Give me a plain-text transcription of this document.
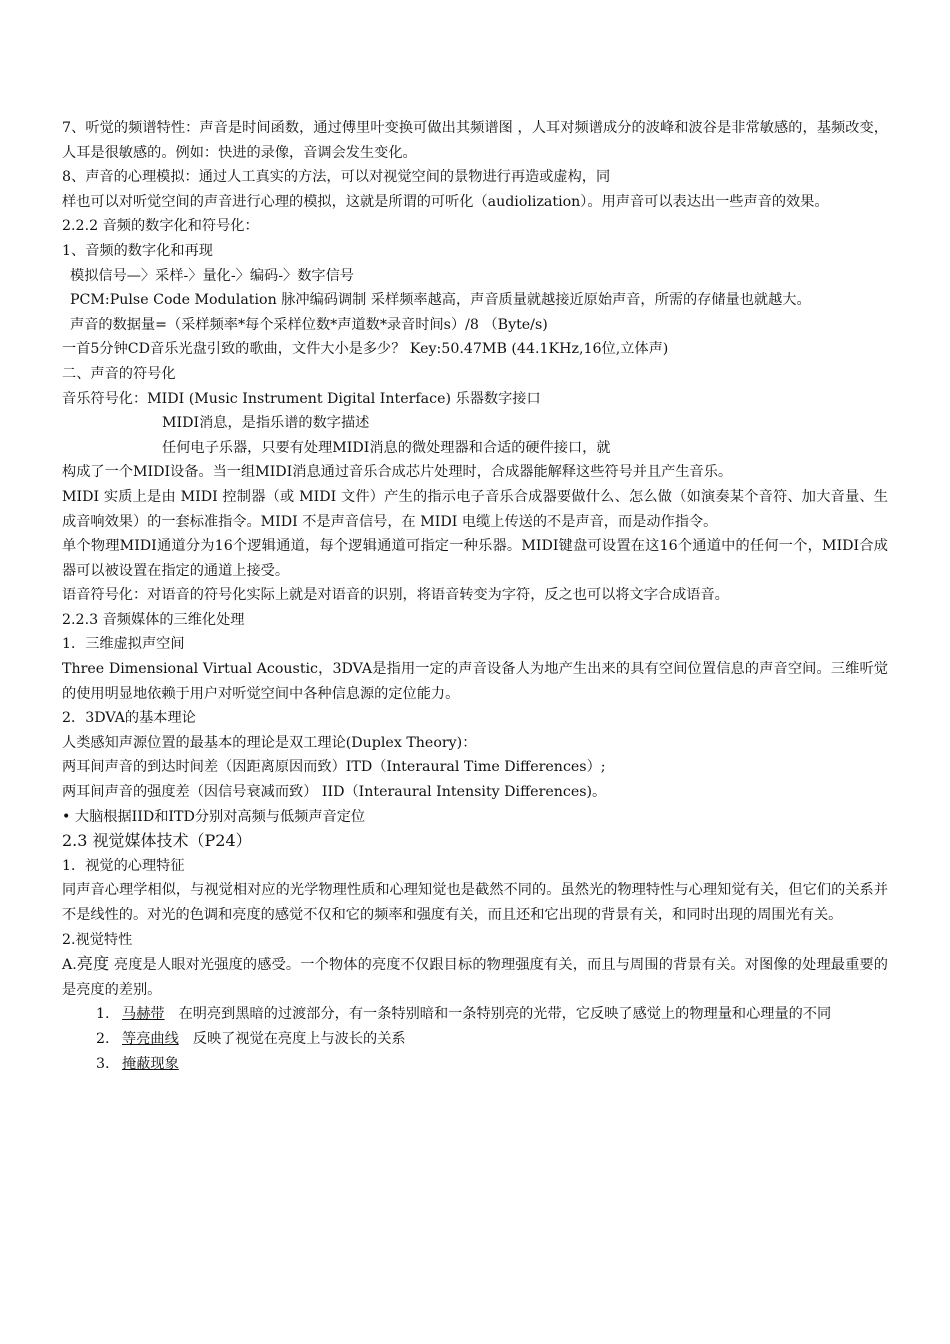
7、听觉的频谱特性：声音是时间函数，通过傅里叶变换可做出其频谱图 ，人耳对频谱成分的波峰和波谷是非常敏感的，基频改变，人耳是很敏感的。例如：快进的录像，音调会发生变化。
8、声音的心理模拟：通过人工真实的方法，可以对视觉空间的景物进行再造或虚构，同
样也可以对听觉空间的声音进行心理的模拟，这就是所谓的可听化（audiolization）。用声音可以表达出一些声音的效果。
2.2.2 音频的数字化和符号化：
1、音频的数字化和再现
模拟信号—〉采样-〉量化-〉编码-〉数字信号
PCM:Pulse Code Modulation 脉冲编码调制 采样频率越高，声音质量就越接近原始声音，所需的存储量也就越大。
声音的数据量=（采样频率*每个采样位数*声道数*录音时间s）/8 （Byte/s)
一首5分钟CD音乐光盘引致的歌曲，文件大小是多少？ Key:50.47MB (44.1KHz,16位,立体声)
二、声音的符号化
音乐符号化：MIDI (Music Instrument Digital Interface) 乐器数字接口
MIDI消息，是指乐谱的数字描述
任何电子乐器，只要有处理MIDI消息的微处理器和合适的硬件接口，就
构成了一个MIDI设备。当一组MIDI消息通过音乐合成芯片处理时，合成器能解释这些符号并且产生音乐。
MIDI 实质上是由 MIDI 控制器（或 MIDI 文件）产生的指示电子音乐合成器要做什么、怎么做（如演奏某个音符、加大音量、生成音响效果）的一套标准指令。MIDI 不是声音信号，在 MIDI 电缆上传送的不是声音，而是动作指令。
单个物理MIDI通道分为16个逻辑通道，每个逻辑通道可指定一种乐器。MIDI键盘可设置在这16个通道中的任何一个，MIDI合成器可以被设置在指定的通道上接受。
语音符号化：对语音的符号化实际上就是对语音的识别，将语音转变为字符，反之也可以将文字合成语音。
2.2.3 音频媒体的三维化处理
1．三维虚拟声空间
Three Dimensional Virtual Acoustic，3DVA是指用一定的声音设备人为地产生出来的具有空间位置信息的声音空间。三维听觉的使用明显地依赖于用户对听觉空间中各种信息源的定位能力。
2．3DVA的基本理论
人类感知声源位置的最基本的理论是双工理论(Duplex Theory)：
两耳间声音的到达时间差（因距离原因而致）ITD（Interaural Time Differences）;
两耳间声音的强度差（因信号衰减而致） IID（Interaural Intensity Differences)。
• 大脑根据IID和ITD分别对高频与低频声音定位
2.3 视觉媒体技术（P24）
1．视觉的心理特征
同声音心理学相似，与视觉相对应的光学物理性质和心理知觉也是截然不同的。虽然光的物理特性与心理知觉有关，但它们的关系并不是线性的。对光的色调和亮度的感觉不仅和它的频率和强度有关，而且还和它出现的背景有关，和同时出现的周围光有关。
2.视觉特性
A.亮度 亮度是人眼对光强度的感受。一个物体的亮度不仅跟目标的物理强度有关，而且与周围的背景有关。对图像的处理最重要的是亮度的差别。
1. 马赫带 在明亮到黑暗的过渡部分，有一条特别暗和一条特别亮的光带，它反映了感觉上的物理量和心理量的不同
2. 等亮曲线 反映了视觉在亮度上与波长的关系
3. 掩蔽现象
